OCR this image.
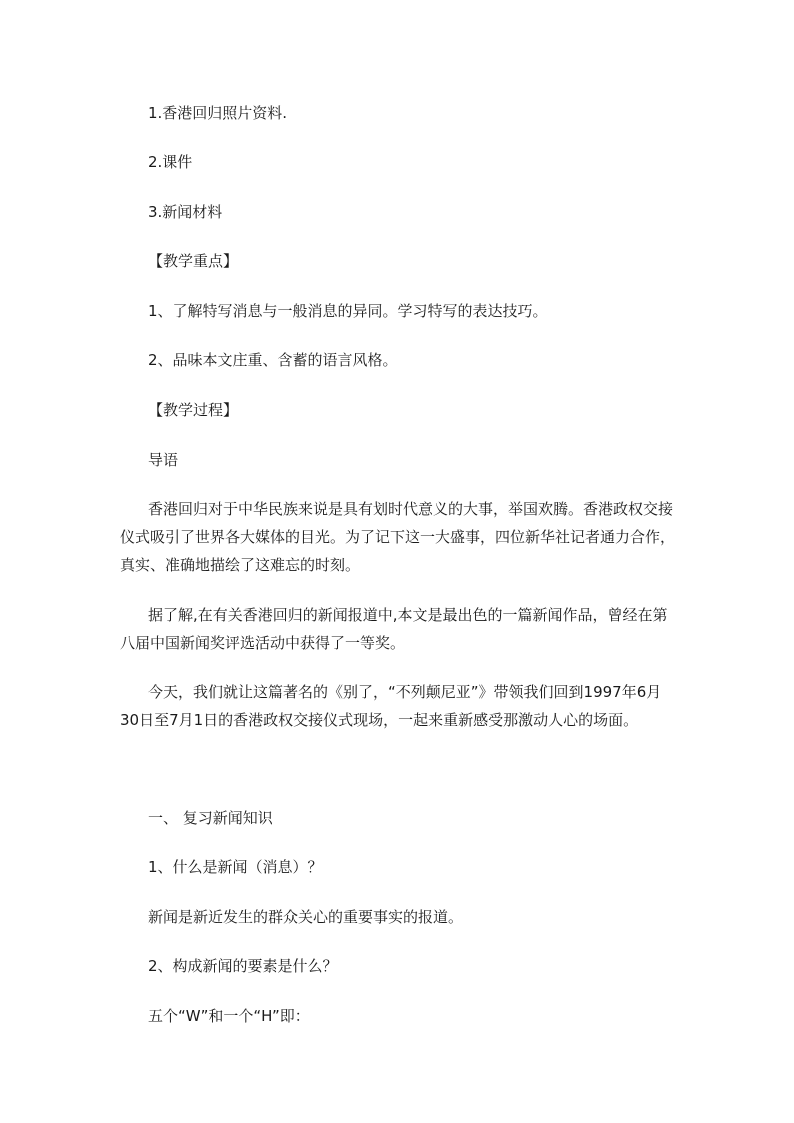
1.香港回归照片资料.

2.课件

3.新闻材料

【教学重点】

1、了解特写消息与一般消息的异同。学习特写的表达技巧。

2、品味本文庄重、含蓄的语言风格。

【教学过程】

导语

香港回归对于中华民族来说是具有划时代意义的大事，举国欢腾。香港政权交接仪式吸引了世界各大媒体的目光。为了记下这一大盛事，四位新华社记者通力合作，真实、准确地描绘了这难忘的时刻。

据了解,在有关香港回归的新闻报道中,本文是最出色的一篇新闻作品，曾经在第八届中国新闻奖评选活动中获得了一等奖。

今天，我们就让这篇著名的《别了，“不列颠尼亚”》带领我们回到1997年6月30日至7月1日的香港政权交接仪式现场，一起来重新感受那激动人心的场面。

一、 复习新闻知识

1、什么是新闻（消息）？

新闻是新近发生的群众关心的重要事实的报道。

2、构成新闻的要素是什么？

五个“W”和一个“H”即：
